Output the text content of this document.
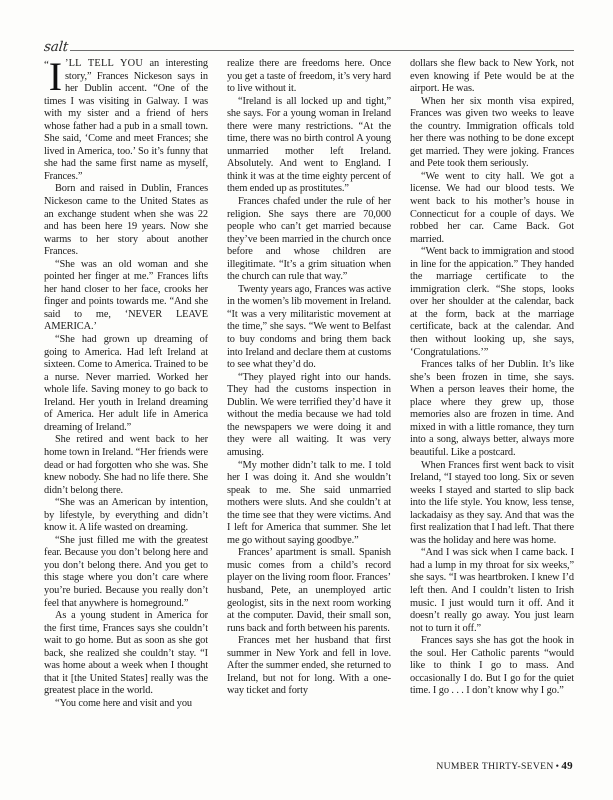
salt

“ I ’LL TELL YOU an interesting story,” Frances Nickeson says in her Dublin accent. “One of the times I was visiting in Galway. I was with my sister and a friend of hers whose father had a pub in a small town. She said, ‘Come and meet Frances; she lived in America, too.’ So it’s funny that she had the same first name as myself, Frances.”

Born and raised in Dublin, Frances Nickeson came to the United States as an exchange student when she was 22 and has been here 19 years. Now she warms to her story about another Frances.

“She was an old woman and she pointed her finger at me.” Frances lifts her hand closer to her face, crooks her finger and points towards me. “And she said to me, ‘NEVER LEAVE AMERICA.’

“She had grown up dreaming of going to America. Had left Ireland at sixteen. Come to America. Trained to be a nurse. Never married. Worked her whole life. Saving money to go back to Ireland. Her youth in Ireland dreaming of America. Her adult life in America dreaming of Ireland.”

She retired and went back to her home town in Ireland. “Her friends were dead or had forgotten who she was. She knew nobody. She had no life there. She didn’t belong there.

“She was an American by intention, by lifestyle, by everything and didn’t know it. A life wasted on dreaming.

“She just filled me with the greatest fear. Because you don’t belong here and you don’t belong there. And you get to this stage where you don’t care where you’re buried. Because you really don’t feel that anywhere is homeground.”

As a young student in America for the first time, Frances says she couldn’t wait to go home. But as soon as she got back, she realized she couldn’t stay. “I was home about a week when I thought that it [the United States] really was the greatest place in the world.

“You come here and visit and you

realize there are freedoms here. Once you get a taste of freedom, it’s very hard to live without it.

“Ireland is all locked up and tight,” she says. For a young woman in Ireland there were many restrictions. “At the time, there was no birth control A young unmarried mother left Ireland. Absolutely. And went to England. I think it was at the time eighty percent of them ended up as prostitutes.”

Frances chafed under the rule of her religion. She says there are 70,000 people who can’t get married because they’ve been married in the church once before and whose children are illegitimate. “It’s a grim situation when the church can rule that way.”

Twenty years ago, Frances was active in the women’s lib movement in Ireland. “It was a very militaristic movement at the time,” she says. “We went to Belfast to buy condoms and bring them back into Ireland and declare them at customs to see what they’d do.

“They played right into our hands. They had the customs inspection in Dublin. We were terrified they’d have it without the media because we had told the newspapers we were doing it and they were all waiting. It was very amusing.

“My mother didn’t talk to me. I told her I was doing it. And she wouldn’t speak to me. She said unmarried mothers were sluts. And she couldn’t at the time see that they were victims. And I left for America that summer. She let me go without saying goodbye.”

Frances’ apartment is small. Spanish music comes from a child’s record player on the living room floor. Frances’ husband, Pete, an unemployed artic geologist, sits in the next room working at the computer. David, their small son, runs back and forth between his parents.

Frances met her husband that first summer in New York and fell in love. After the summer ended, she returned to Ireland, but not for long. With a one-way ticket and forty

dollars she flew back to New York, not even knowing if Pete would be at the airport. He was.

When her six month visa expired, Frances was given two weeks to leave the country. Immigration officals told her there was nothing to be done except get married. They were joking. Frances and Pete took them seriously.

“We went to city hall. We got a license. We had our blood tests. We went back to his mother’s house in Connecticut for a couple of days. We robbed her car. Came Back. Got married.

“Went back to immigration and stood in line for the appication.” They handed the marriage certificate to the immigration clerk. “She stops, looks over her shoulder at the calendar, back at the form, back at the marriage certificate, back at the calendar. And then without looking up, she says, ‘Congratulations.’”

Frances talks of her Dublin. It’s like she’s been frozen in time, she says. When a person leaves their home, the place where they grew up, those memories also are frozen in time. And mixed in with a little romance, they turn into a song, always better, always more beautiful. Like a postcard.

When Frances first went back to visit Ireland, “I stayed too long. Six or seven weeks I stayed and started to slip back into the life style. You know, less tense, lackadaisy as they say. And that was the first realization that I had left. That there was the holiday and here was home.

“And I was sick when I came back. I had a lump in my throat for six weeks,” she says. “I was heartbroken. I knew I’d left then. And I couldn’t listen to Irish music. I just would turn it off. And it doesn’t really go away. You just learn not to turn it off.”

Frances says she has got the hook in the soul. Her Catholic parents “would like to think I go to mass. And occasionally I do. But I go for the quiet time. I go . . . I don’t know why I go.”

NUMBER THIRTY-SEVEN • 49
